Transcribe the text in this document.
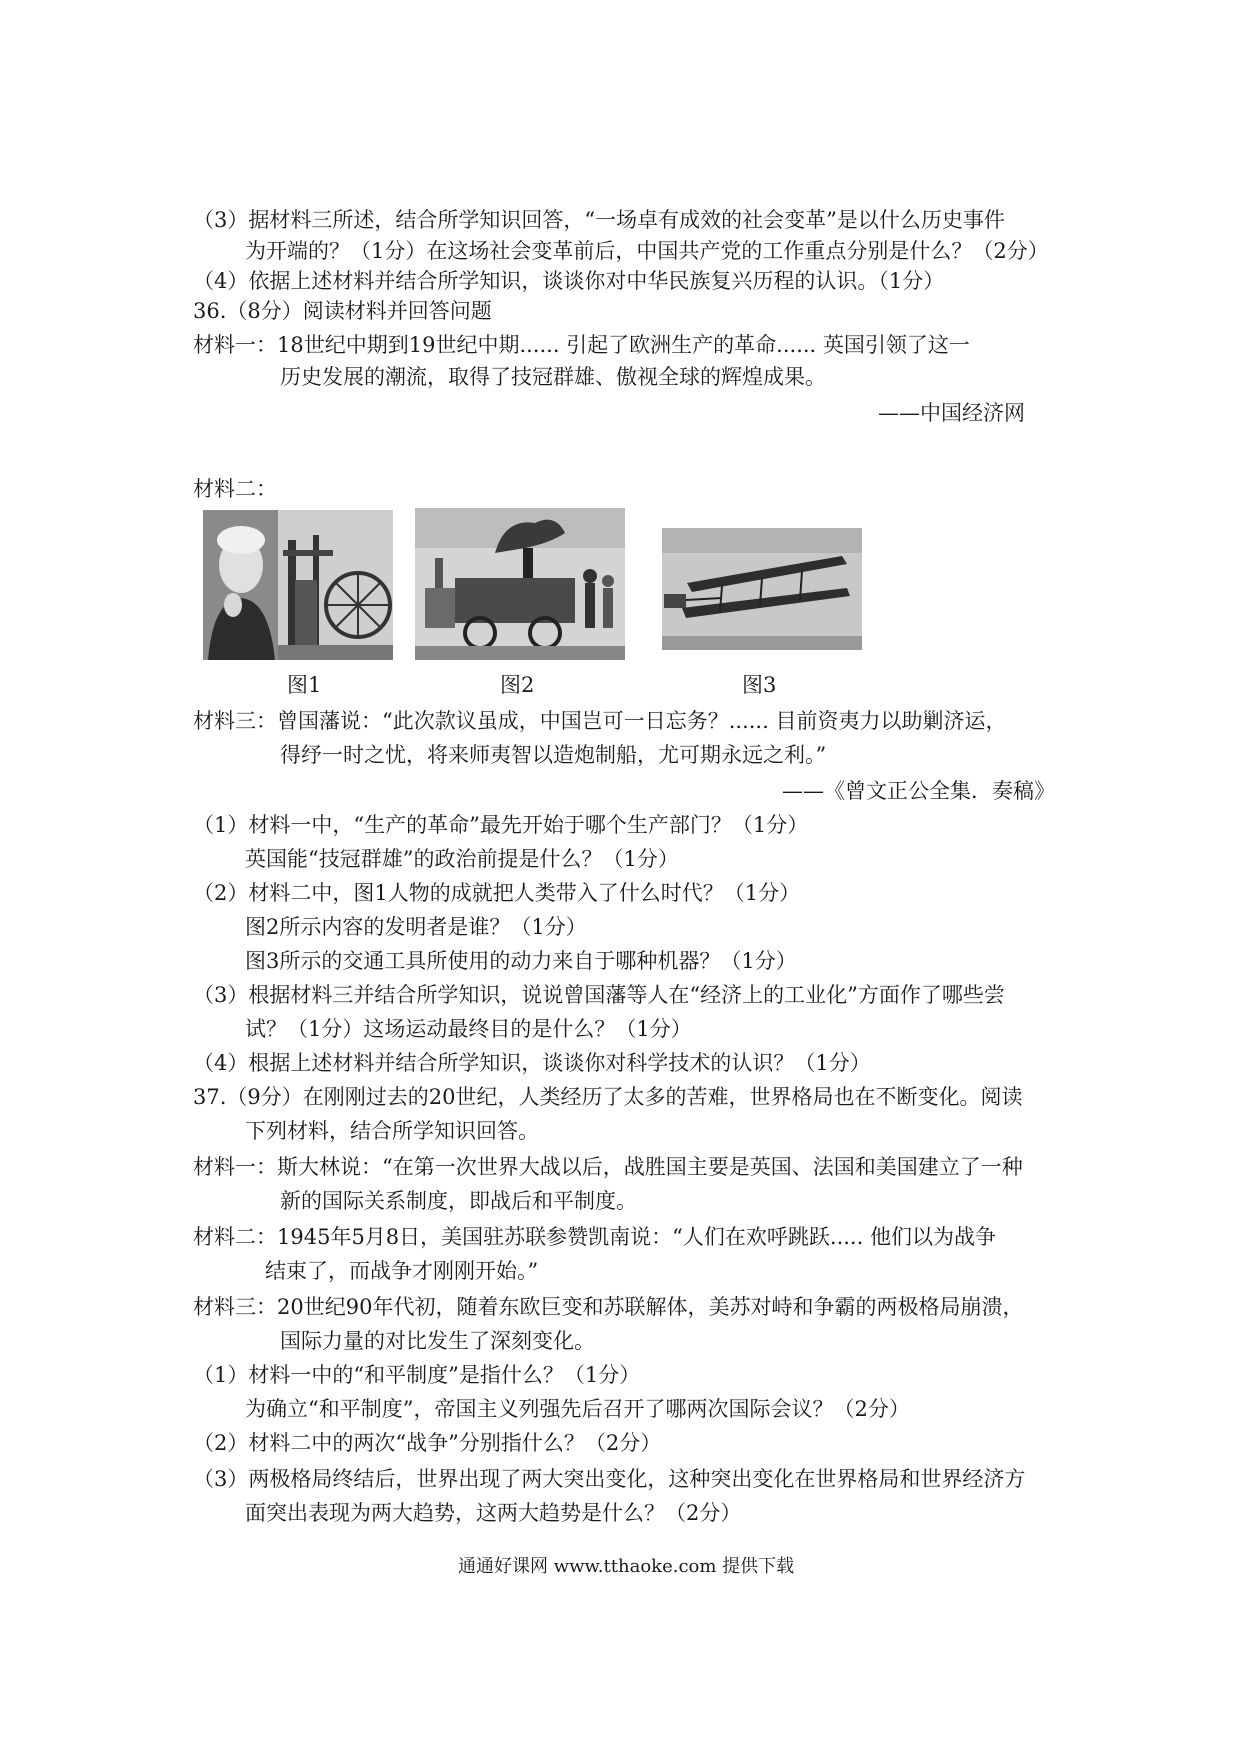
（3）据材料三所述，结合所学知识回答，“一场卓有成效的社会变革”是以什么历史事件
为开端的？（1分）在这场社会变革前后，中国共产党的工作重点分别是什么？（2分）
（4）依据上述材料并结合所学知识，谈谈你对中华民族复兴历程的认识。（1分）
36.（8分）阅读材料并回答问题
材料一：18世纪中期到19世纪中期...... 引起了欧洲生产的革命...... 英国引领了这一
历史发展的潮流，取得了技冠群雄、傲视全球的辉煌成果。
——中国经济网
材料二：
图1	图2	图3
材料三：曾国藩说：“此次款议虽成，中国岂可一日忘务？...... 目前资夷力以助剿济运，
得纾一时之忧，将来师夷智以造炮制船，尤可期永远之利。”
——《曾文正公全集．奏稿》
（1）材料一中，“生产的革命”最先开始于哪个生产部门？（1分）
英国能“技冠群雄”的政治前提是什么？（1分）
（2）材料二中，图1人物的成就把人类带入了什么时代？（1分）
图2所示内容的发明者是谁？（1分）
图3所示的交通工具所使用的动力来自于哪种机器？（1分）
（3）根据材料三并结合所学知识，说说曾国藩等人在“经济上的工业化”方面作了哪些尝
试？（1分）这场运动最终目的是什么？（1分）
（4）根据上述材料并结合所学知识，谈谈你对科学技术的认识？（1分）
37.（9分）在刚刚过去的20世纪，人类经历了太多的苦难，世界格局也在不断变化。阅读
下列材料，结合所学知识回答。
材料一：斯大林说：“在第一次世界大战以后，战胜国主要是英国、法国和美国建立了一种
新的国际关系制度，即战后和平制度。
材料二：1945年5月8日，美国驻苏联参赞凯南说：“人们在欢呼跳跃..... 他们以为战争
结束了，而战争才刚刚开始。”
材料三：20世纪90年代初，随着东欧巨变和苏联解体，美苏对峙和争霸的两极格局崩溃，
国际力量的对比发生了深刻变化。
（1）材料一中的“和平制度”是指什么？（1分）
为确立“和平制度”，帝国主义列强先后召开了哪两次国际会议？（2分）
（2）材料二中的两次“战争”分别指什么？（2分）
（3）两极格局终结后，世界出现了两大突出变化，这种突出变化在世界格局和世界经济方
面突出表现为两大趋势，这两大趋势是什么？（2分）
通通好课网 www.tthaoke.com 提供下载
